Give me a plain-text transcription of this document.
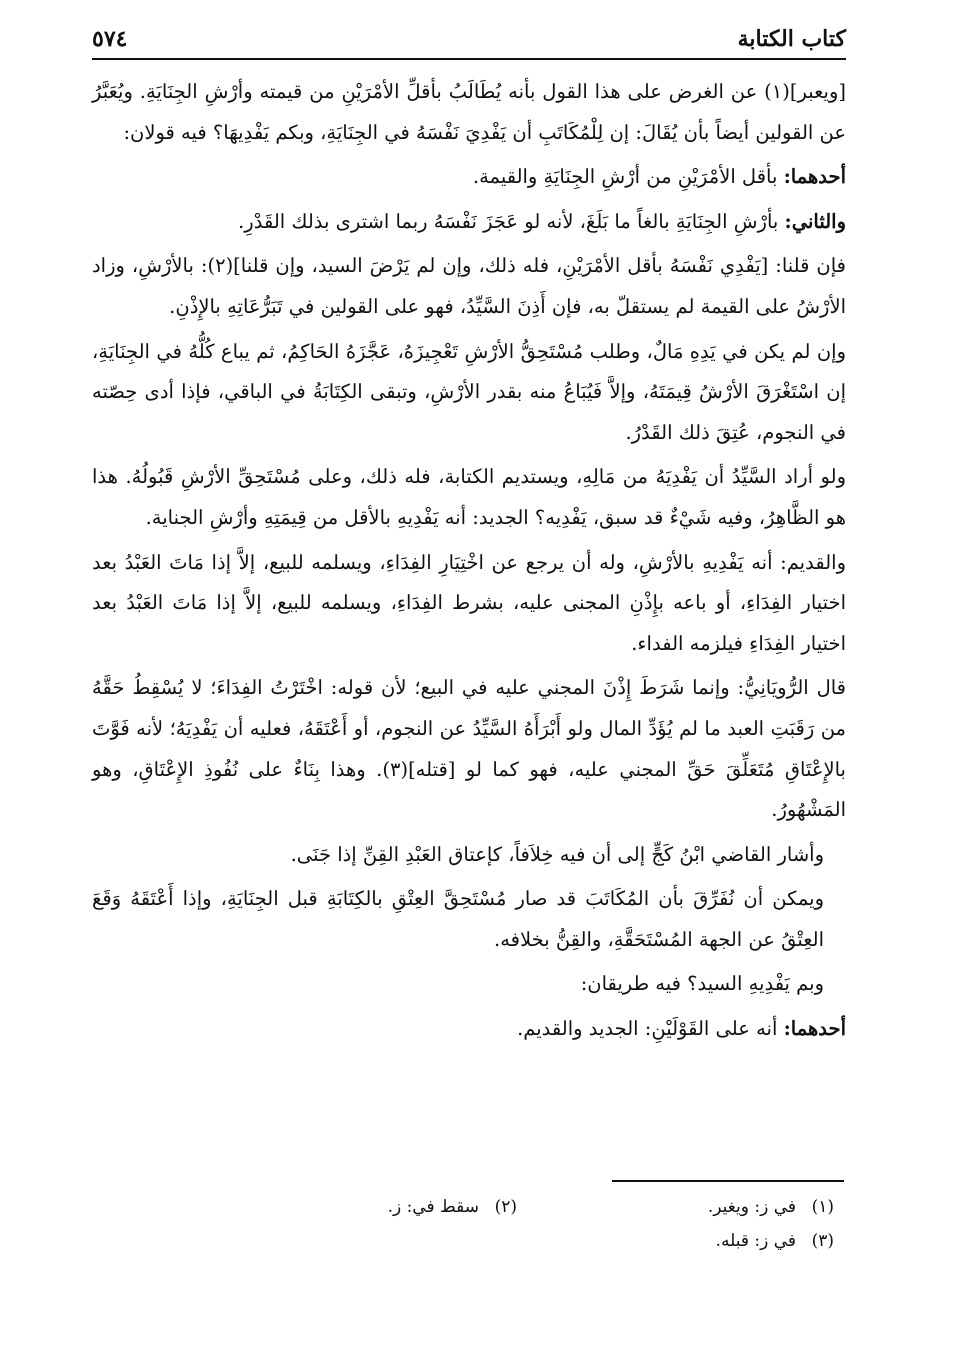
كتاب الكتابة
٥٧٤

[ويعبر](١) عن الغرض على هذا القول بأنه يُطَالَبُ بأقلِّ الأمْرَيْنِ من قيمته وأرْشِ الجِنَايَةِ. ويُعَبَّرُ عن القولين أيضاً بأن يُقَالَ: إن لِلْمُكَاتَبِ أن يَفْدِيَ نَفْسَهُ في الجِنَايَةِ، وبكم يَفْدِيهَا؟ فيه قولان:

أحدهما: بأقل الأمْرَيْنِ من أرْشِ الجِنَايَةِ والقيمة.

والثاني: بأرْشِ الجِنَايَةِ بالغاً ما بَلَغَ، لأنه لو عَجَزَ نَفْسَهُ ربما اشترى بذلك القَدْرِ.

فإن قلنا: [يَفْدِي نَفْسَهُ بأقل الأمْرَيْنِ، فله ذلك، وإن لم يَرْضَ السيد، وإن قلنا](٢): بالأرْشِ، وزاد الأرْشُ على القيمة لم يستقلّ به، فإن أَذِنَ السَّيِّدُ، فهو على القولين في تَبَرُّعَاتِهِ بالإِذْنِ.

وإن لم يكن في يَدِهِ مَالٌ، وطلب مُسْتَحِقُّ الأرْشِ تَعْجِيزَهُ، عَجَّزَهُ الحَاكِمُ، ثم يباع كُلُّهُ في الجِنَايَةِ، إن اسْتَغْرَقَ الأرْشُ قِيمَتَهُ، وإلاَّ فَيُبَاعُ منه بقدر الأرْشِ، وتبقى الكِتَابَةُ في الباقي، فإذا أدى حِصّته في النجوم، عُتِقَ ذلك القَدْرُ.

ولو أراد السَّيِّدُ أن يَفْدِيَهُ من مَالِهِ، ويستديم الكتابة، فله ذلك، وعلى مُسْتَحِقِّ الأرْشِ قَبُولُهُ. هذا هو الظَّاهِرُ، وفيه شَيْءٌ قد سبق، يَفْدِيه؟ الجديد: أنه يَفْدِيهِ بالأقل من قِيمَتِهِ وأرْشِ الجناية.

والقديم: أنه يَفْدِيهِ بالأرْشِ، وله أن يرجع عن اخْتِيَارِ الفِدَاءِ، ويسلمه للبيع، إلاَّ إذا مَاتَ العَبْدُ بعد اختيار الفِدَاءِ، أو باعه بإِذْنِ المجنى عليه، بشرط الفِدَاءِ، ويسلمه للبيع، إلاَّ إذا مَاتَ العَبْدُ بعد اختيار الفِدَاءِ فيلزمه الفداء.

قال الرُّويَانِيُّ: وإنما شَرَطَ إِذْنَ المجني عليه في البيع؛ لأن قوله: اخْتَرْتُ الفِدَاءَ؛ لا يُسْقِطُ حَقَّهُ من رَقَبَتِ العبد ما لم يُؤَدِّ المال ولو أَبْرَأَهُ السَّيِّدُ عن النجوم، أو أَعْتَقَهُ، فعليه أن يَفْدِيَهُ؛ لأنه فَوَّتَ بالإِعْتَاقِ مُتَعَلِّقَ حَقِّ المجني عليه، فهو كما لو [قتله](٣). وهذا بِنَاءٌ على نُفُوذِ الإِعْتَاقِ، وهو المَشْهُورُ.

وأشار القاضي ابْنُ كَجٍّ إلى أن فيه خِلاَفاً، كإعتاق العَبْدِ القِنِّ إذا جَنَى.

ويمكن أن نُفَرِّقَ بأن المُكَاتَبَ قد صار مُسْتَحِقَّ العِتْقِ بالكِتَابَةِ قبل الجِنَايَةِ، وإذا أَعْتَقَهُ وَقَعَ العِتْقُ عن الجهة المُسْتَحَقَّةِ، والقِنُّ بخلافه.

وبم يَفْدِيهِ السيد؟ فيه طريقان:

أحدهما: أنه على القَوْلَيْنِ: الجديد والقديم.

(١)في ز: ويغير.
(٢)سقط في: ز.
(٣)في ز: قبله.
